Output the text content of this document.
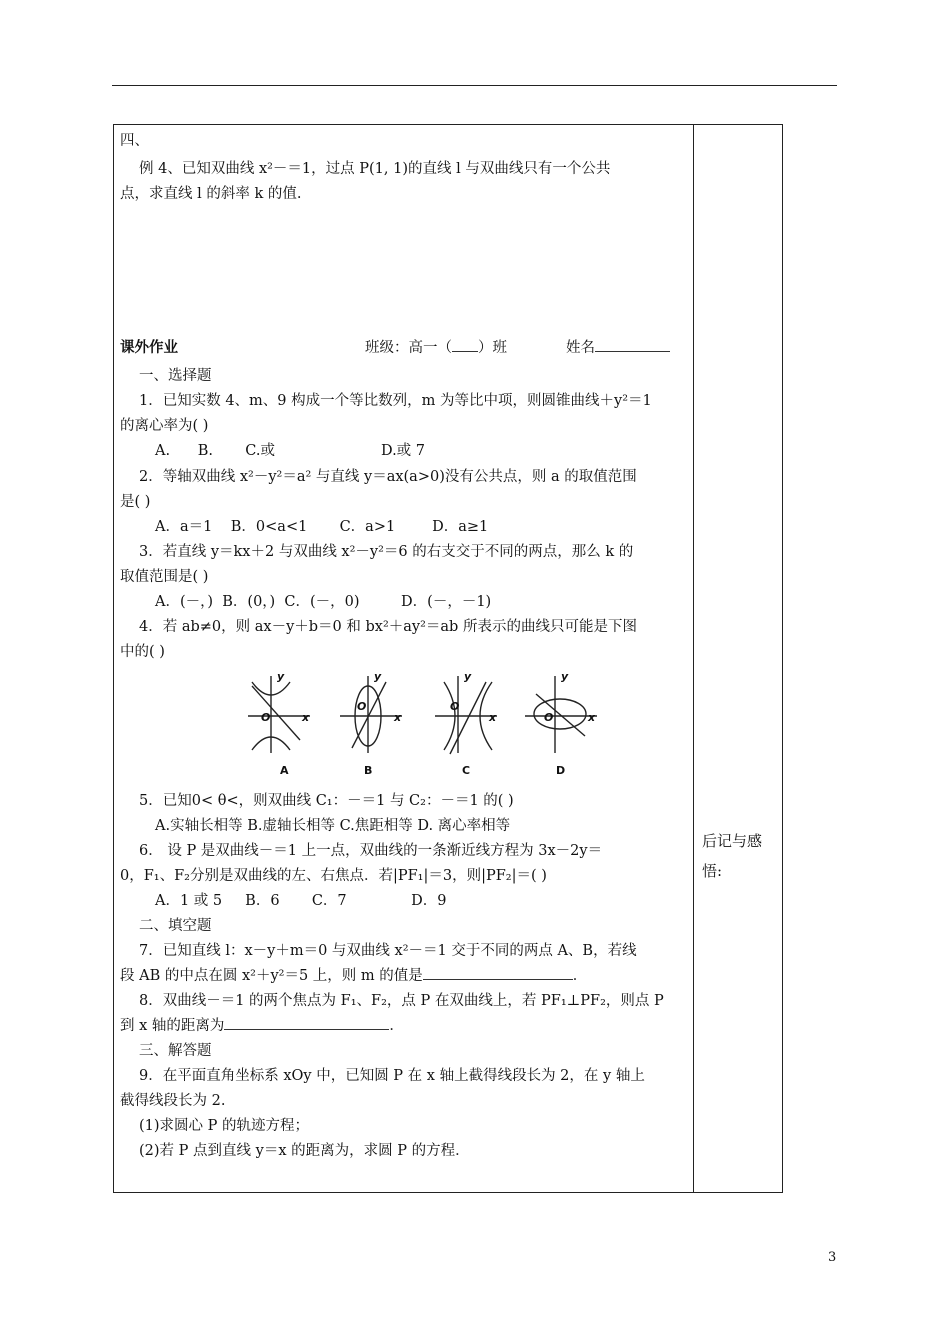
四、
例 4、已知双曲线 x²－＝1，过点 P(1, 1)的直线 l 与双曲线只有一个公共
点，求直线 l 的斜率 k 的值.
课外作业	班级：高一（ ）班	姓名
一、选择题
1．已知实数 4、m、9 构成一个等比数列，m 为等比中项，则圆锥曲线＋y²＝1
的离心率为( )
A.      B.       C.或                       D.或 7
2．等轴双曲线 x²－y²＝a² 与直线 y＝ax(a>0)没有公共点，则 a 的取值范围
是( )
A．a＝1    B．0<a<1       C．a>1        D．a≥1
3．若直线 y＝kx＋2 与双曲线 x²－y²＝6 的右支交于不同的两点，那么 k 的
取值范围是( )
A．(－，)  B．(0，)  C．(－，0)         D．(－，－1)
4．若 ab≠0，则 ax－y＋b＝0 和 bx²＋ay²＝ab 所表示的曲线只可能是下图
中的( )
y
x
O
y
x
O
y
x
O
y
x
O
A	B	C	D
5．已知0< θ<，则双曲线 C₁：－＝1 与 C₂：－＝1 的( )
A.实轴长相等 B.虚轴长相等 C.焦距相等 D. 离心率相等
6． 设 P 是双曲线－＝1 上一点，双曲线的一条渐近线方程为 3x－2y＝
0，F₁、F₂分别是双曲线的左、右焦点．若|PF₁|＝3，则|PF₂|＝( )
A．1 或 5     B．6       C．7              D．9
二、填空题
7．已知直线 l：x－y＋m＝0 与双曲线 x²－＝1 交于不同的两点 A、B，若线
段 AB 的中点在圆 x²＋y²＝5 上，则 m 的值是	．
8．双曲线－＝1 的两个焦点为 F₁、F₂，点 P 在双曲线上，若 PF₁⊥PF₂，则点 P
到 x 轴的距离为	．
三、解答题
9．在平面直角坐标系 xOy 中，已知圆 P 在 x 轴上截得线段长为 2，在 y 轴上
截得线段长为 2.
(1)求圆心 P 的轨迹方程；
(2)若 P 点到直线 y＝x 的距离为，求圆 P 的方程．
后记与感悟:
3
